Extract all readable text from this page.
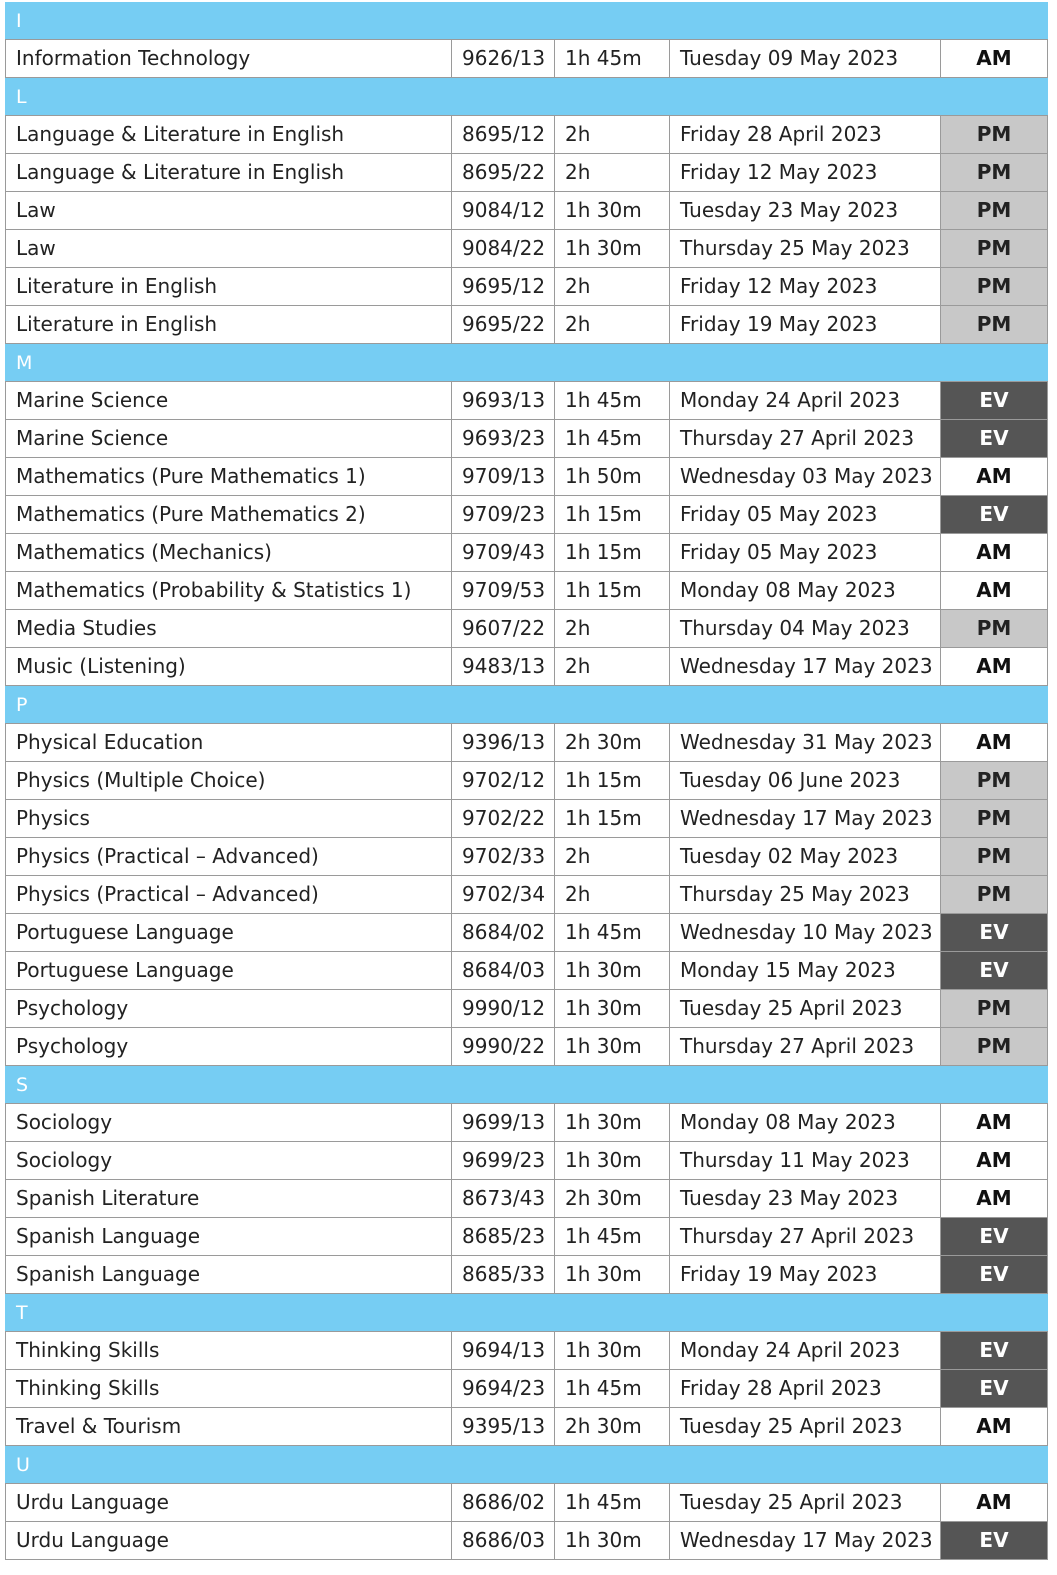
I
Information Technology	9626/13 1h 45m	Tuesday 09 May 2023	AM
L
Language & Literature in English	8695/12 2h	Friday 28 April 2023	PM
Language & Literature in English	8695/22 2h	Friday 12 May 2023	PM
Law	9084/12 1h 30m	Tuesday 23 May 2023	PM
Law	9084/22 1h 30m	Thursday 25 May 2023	PM
Literature in English	9695/12 2h	Friday 12 May 2023	PM
Literature in English	9695/22 2h	Friday 19 May 2023	PM
M
Marine Science	9693/13 1h 45m	Monday 24 April 2023	EV
Marine Science	9693/23 1h 45m	Thursday 27 April 2023	EV
Mathematics (Pure Mathematics 1)	9709/13 1h 50m	Wednesday 03 May 2023	AM
Mathematics (Pure Mathematics 2)	9709/23 1h 15m	Friday 05 May 2023	EV
Mathematics (Mechanics)	9709/43 1h 15m	Friday 05 May 2023	AM
Mathematics (Probability & Statistics 1)	9709/53 1h 15m	Monday 08 May 2023	AM
Media Studies	9607/22 2h	Thursday 04 May 2023	PM
Music (Listening)	9483/13 2h	Wednesday 17 May 2023	AM
P
Physical Education	9396/13 2h 30m	Wednesday 31 May 2023	AM
Physics (Multiple Choice)	9702/12 1h 15m	Tuesday 06 June 2023	PM
Physics	9702/22 1h 15m	Wednesday 17 May 2023	PM
Physics (Practical – Advanced)	9702/33 2h	Tuesday 02 May 2023	PM
Physics (Practical – Advanced)	9702/34 2h	Thursday 25 May 2023	PM
Portuguese Language	8684/02 1h 45m	Wednesday 10 May 2023	EV
Portuguese Language	8684/03 1h 30m	Monday 15 May 2023	EV
Psychology	9990/12 1h 30m	Tuesday 25 April 2023	PM
Psychology	9990/22 1h 30m	Thursday 27 April 2023	PM
S
Sociology	9699/13 1h 30m	Monday 08 May 2023	AM
Sociology	9699/23 1h 30m	Thursday 11 May 2023	AM
Spanish Literature	8673/43 2h 30m	Tuesday 23 May 2023	AM
Spanish Language	8685/23 1h 45m	Thursday 27 April 2023	EV
Spanish Language	8685/33 1h 30m	Friday 19 May 2023	EV
T
Thinking Skills	9694/13 1h 30m	Monday 24 April 2023	EV
Thinking Skills	9694/23 1h 45m	Friday 28 April 2023	EV
Travel & Tourism	9395/13 2h 30m	Tuesday 25 April 2023	AM
U
Urdu Language	8686/02 1h 45m	Tuesday 25 April 2023	AM
Urdu Language	8686/03 1h 30m	Wednesday 17 May 2023	EV
